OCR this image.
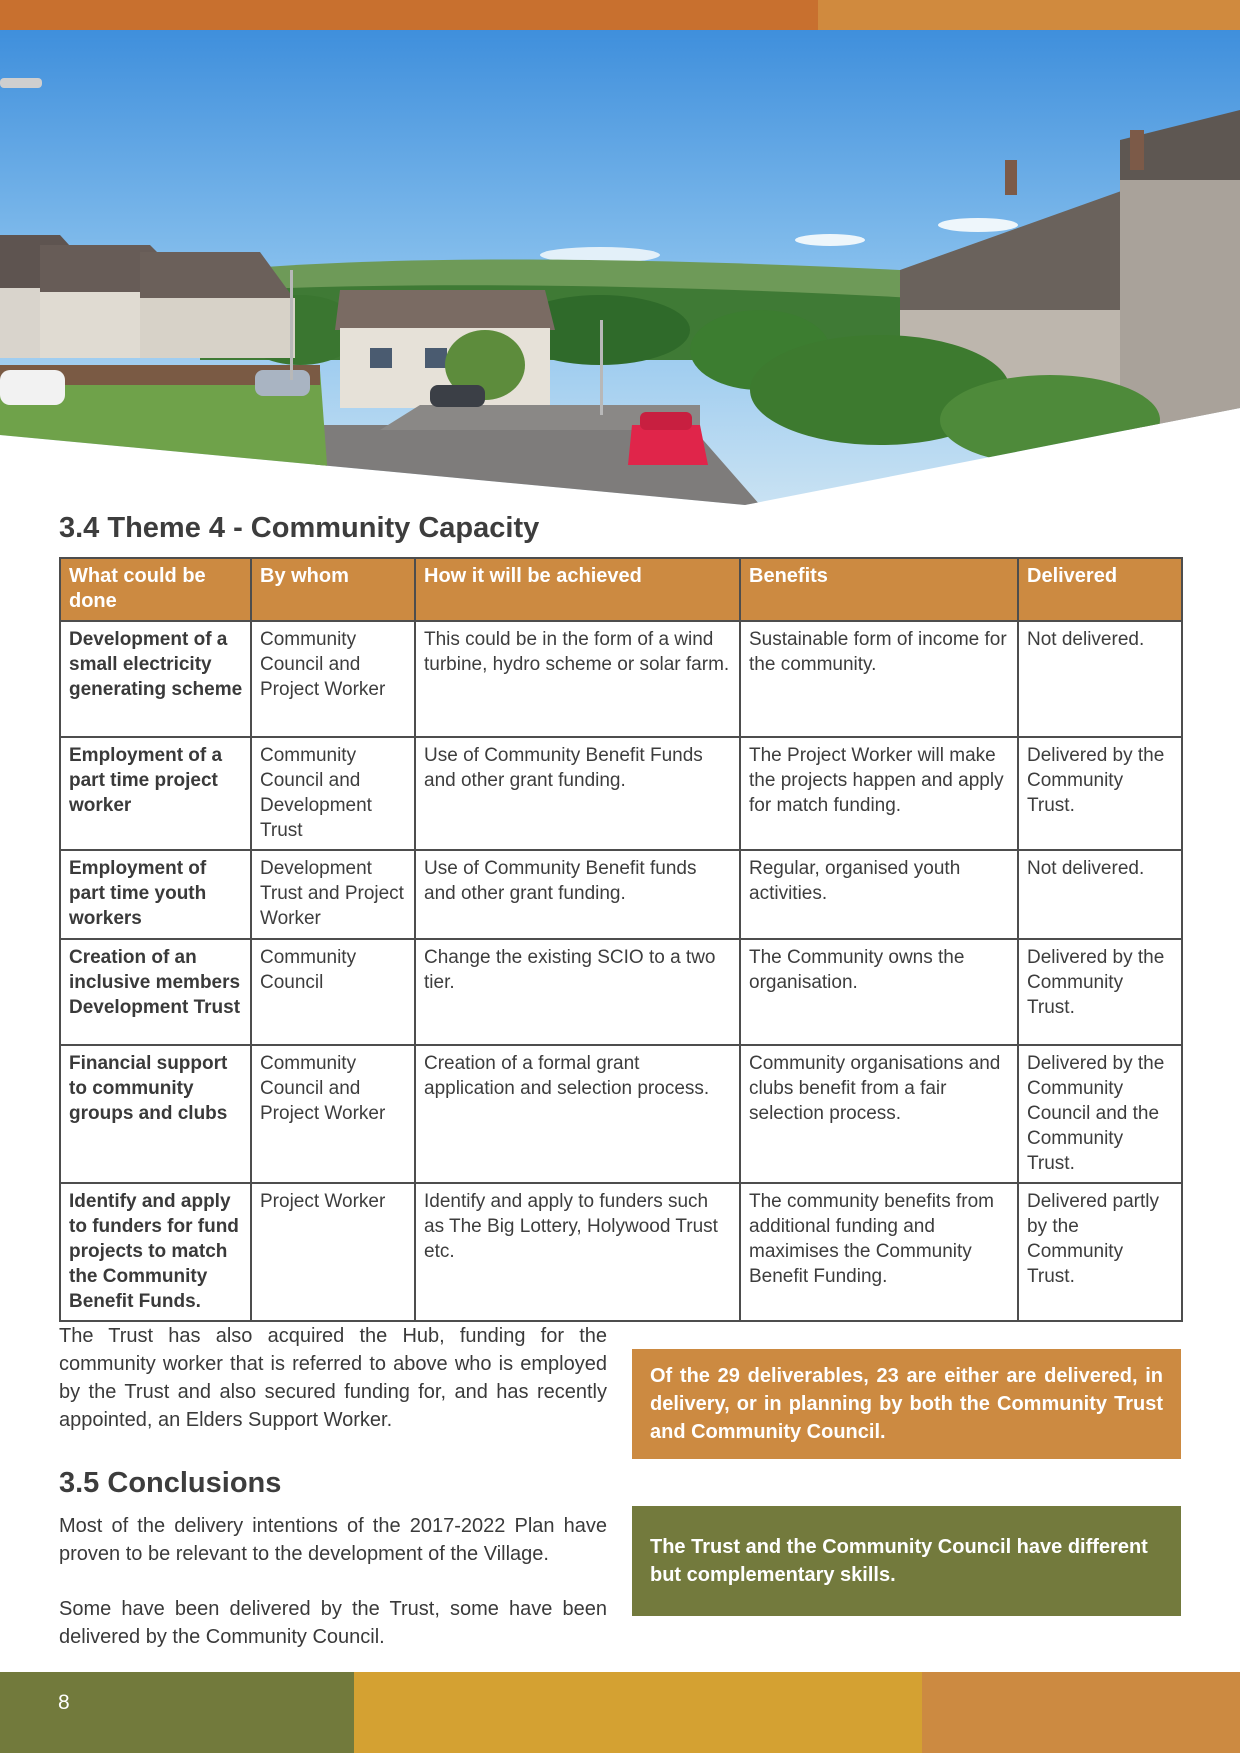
3.4 Theme 4 - Community Capacity
What could be done	By whom	How it will be achieved	Benefits	Delivered
Development of a small electricity generating scheme	Community Council and Project Worker	This could be in the form of a wind turbine, hydro scheme or solar farm.	Sustainable form of income for the community.	Not delivered.
Employment of a part time project worker	Community Council and Development Trust	Use of Community Benefit Funds and other grant funding.	The Project Worker will make the projects happen and apply for match funding.	Delivered by the Community Trust.
Employment of part time youth workers	Development Trust and Project Worker	Use of Community Benefit funds and other grant funding.	Regular, organised youth activities.	Not delivered.
Creation of an inclusive members Development Trust	Community Council	Change the existing SCIO to a two tier.	The Community owns the organisation.	Delivered by the Community Trust.
Financial support to community groups and clubs	Community Council and Project Worker	Creation of a formal grant application and selection process.	Community organisations and clubs benefit from a fair selection process.	Delivered by the Community Council and the Community Trust.
Identify and apply to funders for fund projects to match the Community Benefit Funds.	Project Worker	Identify and apply to funders such as The Big Lottery, Holywood Trust etc.	The community benefits from additional funding and maximises the Community Benefit Funding.	Delivered partly by the Community Trust.

The Trust has also acquired the Hub, funding for the community worker that is referred to above who is employed by the Trust and also secured funding for, and has recently appointed, an Elders Support Worker.

Of the 29 deliverables, 23 are either are delivered, in delivery, or in planning by both the Community Trust and Community Council.
3.5 Conclusions

Most of the delivery intentions of the 2017-2022 Plan have proven to be relevant to the development of the Village.

Some have been delivered by the Trust, some have been delivered by the Community Council.

The Trust and the Community Council have different but complementary skills.
8
